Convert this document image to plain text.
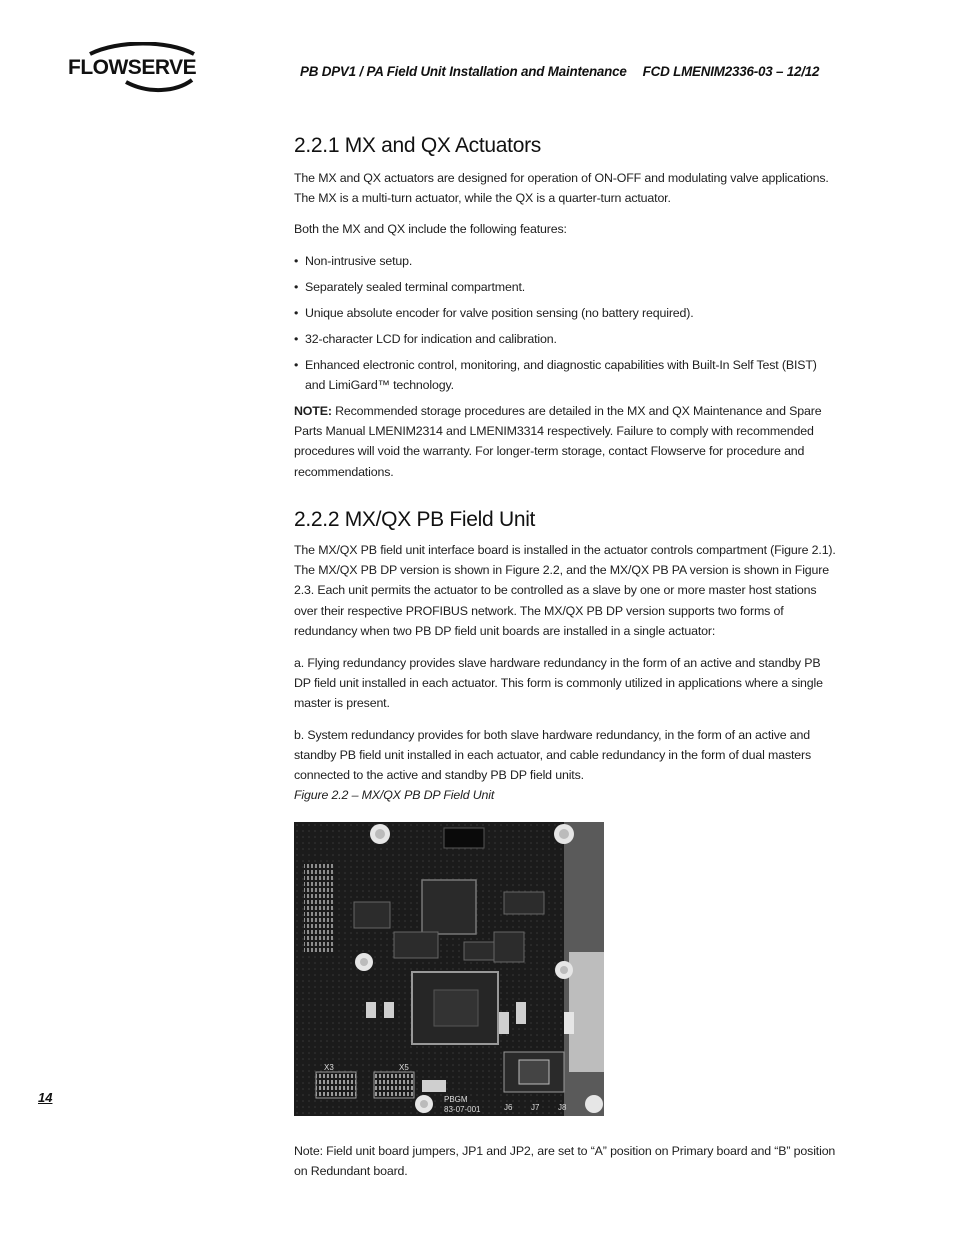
FLOWSERVE	PB DPV1 / PA Field Unit Installation and Maintenance FCD LMENIM2336-03 – 12/12
2.2.1 MX and QX Actuators

The MX and QX actuators are designed for operation of ON-OFF and modulating valve applications. The MX is a multi-turn actuator, while the QX is a quarter-turn actuator.

Both the MX and QX include the following features:

• Non-intrusive setup.
• Separately sealed terminal compartment.
• Unique absolute encoder for valve position sensing (no battery required).
• 32-character LCD for indication and calibration.
• Enhanced electronic control, monitoring, and diagnostic capabilities with Built-In Self Test (BIST) and LimiGard™ technology.

NOTE: Recommended storage procedures are detailed in the MX and QX Maintenance and Spare Parts Manual LMENIM2314 and LMENIM3314 respectively. Failure to comply with recommended procedures will void the warranty. For longer-term storage, contact Flowserve for procedure and recommendations.

2.2.2 MX/QX PB Field Unit

The MX/QX PB field unit interface board is installed in the actuator controls compartment (Figure 2.1). The MX/QX PB DP version is shown in Figure 2.2, and the MX/QX PB PA version is shown in Figure 2.3. Each unit permits the actuator to be controlled as a slave by one or more master host stations over their respective PROFIBUS network. The MX/QX PB DP version supports two forms of redundancy when two PB DP field unit boards are installed in a single actuator:

a. Flying redundancy provides slave hardware redundancy in the form of an active and standby PB DP field unit installed in each actuator. This form is commonly utilized in applications where a single master is present.

b. System redundancy provides for both slave hardware redundancy, in the form of an active and standby PB field unit installed in each actuator, and cable redundancy in the form of dual masters connected to the active and standby PB DP field units.

Figure 2.2 – MX/QX PB DP Field Unit
X3	X5
J6 J7 J8
PBGM
83-07-001
14

Note: Field unit board jumpers, JP1 and JP2, are set to “A” position on Primary board and “B” position on Redundant board.
